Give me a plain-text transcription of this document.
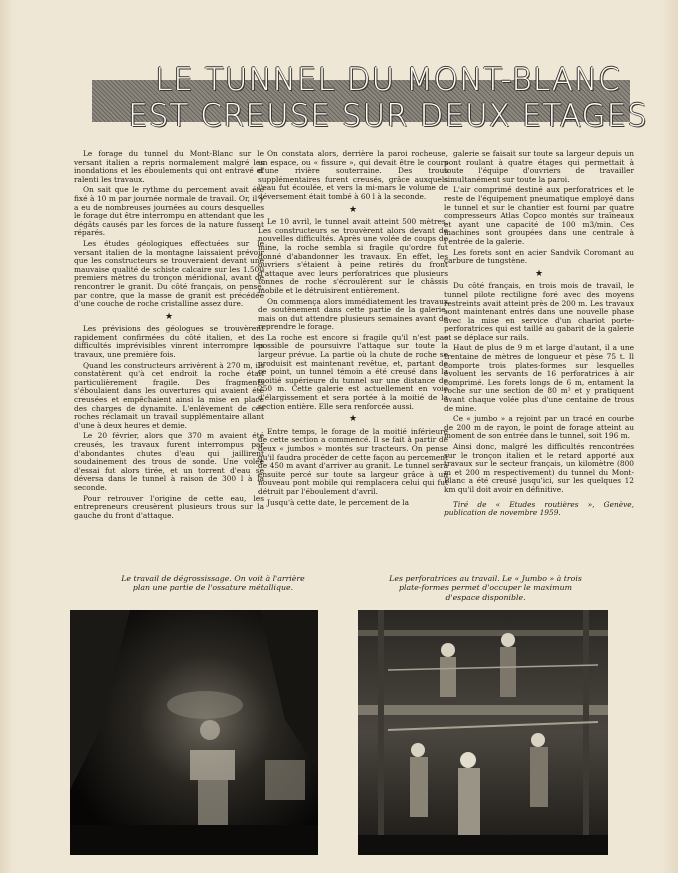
LE TUNNEL DU MONT-BLANC
EST CREUSE SUR DEUX ETAGES

Le forage du tunnel du Mont-Blanc sur le versant italien a repris normalement malgré les inondations et les éboulements qui ont entravé et ralenti les travaux.

On sait que le rythme du percement avait été fixé à 10 m par journée normale de travail. Or, il y a eu de nombreuses journées au cours desquelles le forage dut être interrompu en attendant que les dégâts causés par les forces de la nature fussent réparés.

Les études géologiques effectuées sur le versant italien de la montagne laissaient prévoir que les constructeurs se trouveraient devant une mauvaise qualité de schiste calcaire sur les 1.500 premiers mètres du tronçon méridional, avant de rencontrer le granit. Du côté français, on pense, par contre, que la masse de granit est précédée d'une couche de roche cristalline assez dure.

★

Les prévisions des géologues se trouvèrent rapidement confirmées du côté italien, et des difficultés imprévisibles vinrent interrompre les travaux, une première fois.

Quand les constructeurs arrivèrent à 270 m, ils constatèrent qu'à cet endroit la roche était particulièrement fragile. Des fragments s'éboulaient dans les ouvertures qui avaient été creusées et empêchaient ainsi la mise en place des charges de dynamite. L'enlèvement de ces roches réclamait un travail supplémentaire allant d'une à deux heures et demie.

Le 20 février, alors que 370 m avaient été creusés, les travaux furent interrompus par d'abondantes chutes d'eau qui jaillirent soudainement des trous de sonde. Une volée d'essai fut alors tirée, et un torrent d'eau se déversa dans le tunnel à raison de 300 l à la seconde.

Pour retrouver l'origine de cette eau, les entrepreneurs creusèrent plusieurs trous sur la gauche du front d'attaque.

On constata alors, derrière la paroi rocheuse, un espace, ou « fissure », qui devait être le cours d'une rivière souterraine. Des trous supplémentaires furent creusés, grâce auxquels l'eau fut écoulée, et vers la mi-mars le volume de déversement était tombé à 60 l à la seconde.

★

Le 10 avril, le tunnel avait atteint 500 mètres. Les constructeurs se trouvèrent alors devant de nouvelles difficultés. Après une volée de coups de mine, la roche sembla si fragile qu'ordre fut donné d'abandonner les travaux. En effet, les ouvriers s'étaient à peine retirés du front d'attaque avec leurs perforatrices que plusieurs tonnes de roche s'écroulèrent sur le châssis mobile et le détruisirent entièrement.

On commença alors immédiatement les travaux de soutènement dans cette partie de la galerie, mais on dut attendre plusieurs semaines avant de reprendre le forage.

La roche est encore si fragile qu'il n'est pas possible de poursuivre l'attaque sur toute la largeur prévue. La partie où la chute de roche se produisit est maintenant revêtue, et, partant de ce point, un tunnel témoin a été creusé dans la moitié supérieure du tunnel sur une distance de 250 m. Cette galerie est actuellement en voie d'élargissement et sera portée à la moitié de la section entière. Elle sera renforcée aussi.

★

Entre temps, le forage de la moitié inférieure de cette section a commencé. Il se fait à partir de deux « jumbos » montés sur tracteurs. On pense qu'il faudra procéder de cette façon au percement de 450 m avant d'arriver au granit. Le tunnel sera ensuite percé sur toute sa largeur grâce à un nouveau pont mobile qui remplacera celui qui fut détruit par l'éboulement d'avril.

Jusqu'à cette date, le percement de la

galerie se faisait sur toute sa largeur depuis un pont roulant à quatre étages qui permettait à toute l'équipe d'ouvriers de travailler simultanément sur toute la paroi.

L'air comprimé destiné aux perforatrices et le reste de l'équipement pneumatique employé dans le tunnel et sur le chantier est fourni par quatre compresseurs Atlas Copco montés sur traîneaux et ayant une capacité de 100 m3/min. Ces machines sont groupées dans une centrale à l'entrée de la galerie.

Les forets sont en acier Sandvik Coromant au carbure de tungstène.

★

Du côté français, en trois mois de travail, le tunnel pilote rectiligne foré avec des moyens restreints avait atteint près de 200 m. Les travaux sont maintenant entrés dans une nouvelle phase avec la mise en service d'un chariot porte-perforatrices qui est taillé au gabarit de la galerie et se déplace sur rails.

Haut de plus de 9 m et large d'autant, il a une trentaine de mètres de longueur et pèse 75 t. Il comporte trois plates-formes sur lesquelles évoluent les servants de 16 perforatrices à air comprimé. Les forets longs de 6 m, entament la roche sur une section de 80 m² et y pratiquent avant chaque volée plus d'une centaine de trous de mine.

Ce « jumbo » a rejoint par un tracé en courbe de 200 m de rayon, le point de forage atteint au moment de son entrée dans le tunnel, soit 196 m.

Ainsi donc, malgré les difficultés rencontrées sur le tronçon italien et le retard apporté aux travaux sur le secteur français, un kilomètre (800 m et 200 m respectivement) du tunnel du Mont-Blanc a été creusé jusqu'ici, sur les quelques 12 km qu'il doit avoir en définitive.

Tiré de « Etudes routières », Genève, publication de novembre 1959.

Le travail de dégrossissage. On voit à l'arrière plan une partie de l'ossature métallique.

Les perforatrices au travail. Le « Jumbo » à trois plate-formes permet d'occuper le maximum d'espace disponible.
